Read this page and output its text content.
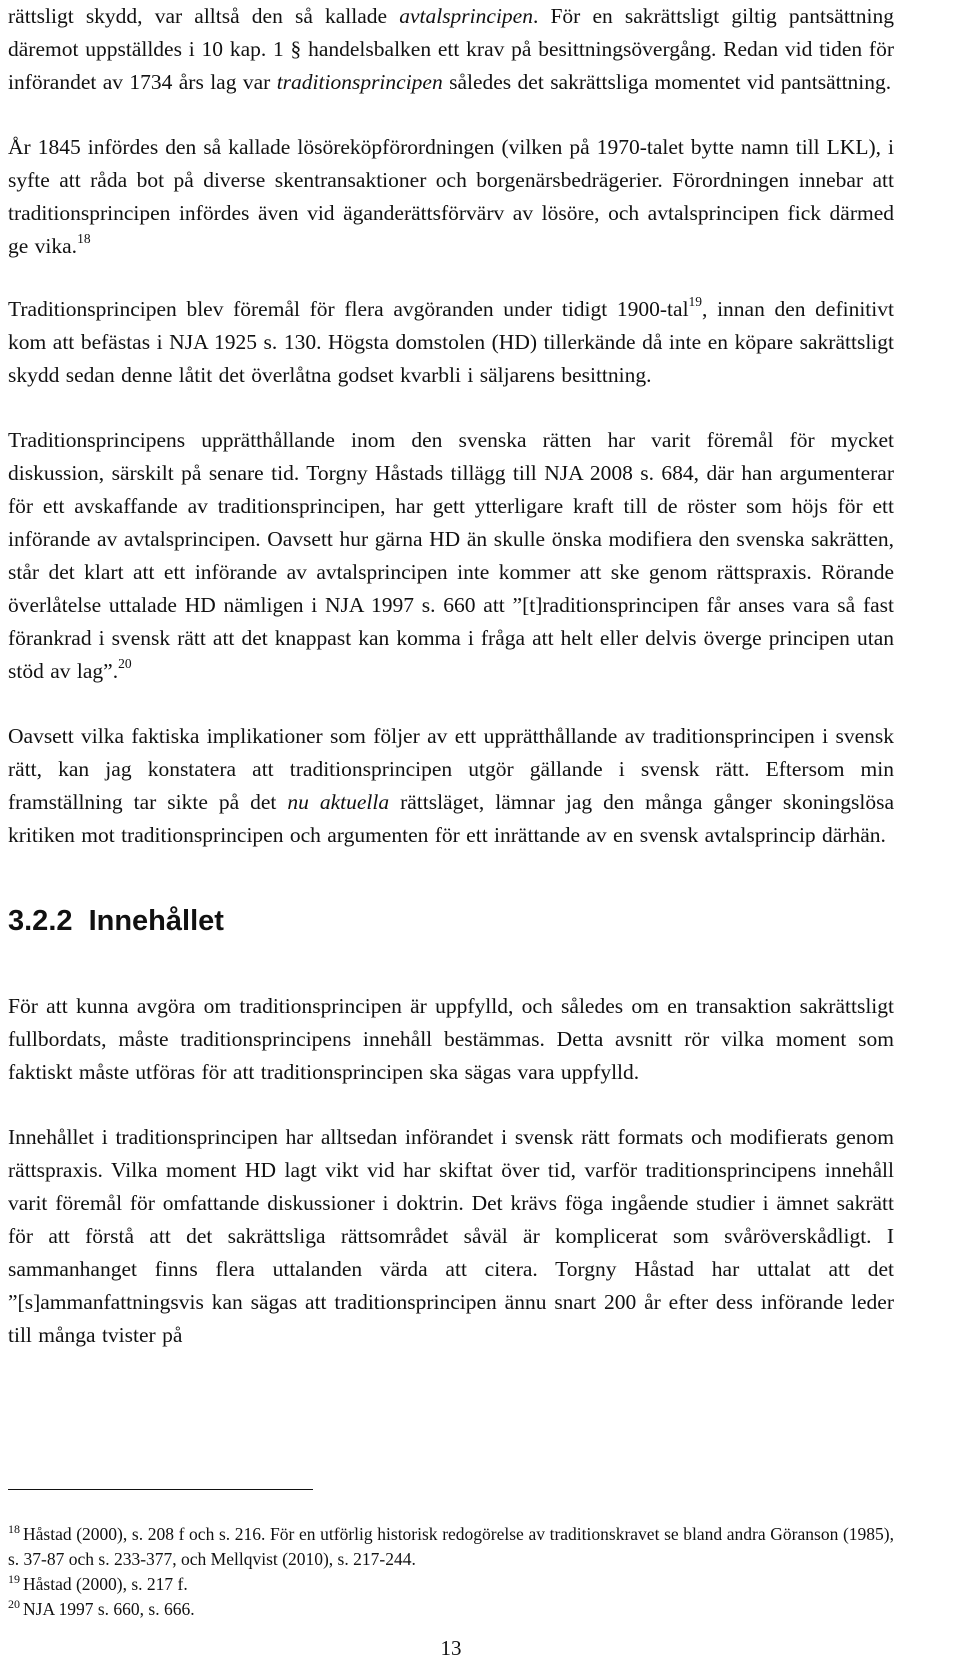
rättsligt skydd, var alltså den så kallade avtalsprincipen. För en sakrättsligt giltig pantsättning däremot uppställdes i 10 kap. 1 § handelsbalken ett krav på besittningsövergång. Redan vid tiden för införandet av 1734 års lag var traditionsprincipen således det sakrättsliga momentet vid pantsättning.

År 1845 infördes den så kallade lösöreköpförordningen (vilken på 1970-talet bytte namn till LKL), i syfte att råda bot på diverse skentransaktioner och borgenärsbedrägerier. Förordningen innebar att traditionsprincipen infördes även vid äganderättsförvärv av lösöre, och avtalsprincipen fick därmed ge vika.$^{18}$

Traditionsprincipen blev föremål för flera avgöranden under tidigt 1900-tal$^{19}$, innan den definitivt kom att befästas i NJA 1925 s. 130. Högsta domstolen (HD) tillerkände då inte en köpare sakrättsligt skydd sedan denne låtit det överlåtna godset kvarbli i säljarens besittning.

Traditionsprincipens upprätthållande inom den svenska rätten har varit föremål för mycket diskussion, särskilt på senare tid. Torgny Håstads tillägg till NJA 2008 s. 684, där han argumenterar för ett avskaffande av traditionsprincipen, har gett ytterligare kraft till de röster som höjs för ett införande av avtalsprincipen. Oavsett hur gärna HD än skulle önska modifiera den svenska sakrätten, står det klart att ett införande av avtalsprincipen inte kommer att ske genom rättspraxis. Rörande överlåtelse uttalade HD nämligen i NJA 1997 s. 660 att ”[t]raditionsprincipen får anses vara så fast förankrad i svensk rätt att det knappast kan komma i fråga att helt eller delvis överge principen utan stöd av lag”.$^{20}$

Oavsett vilka faktiska implikationer som följer av ett upprätthållande av traditionsprincipen i svensk rätt, kan jag konstatera att traditionsprincipen utgör gällande i svensk rätt. Eftersom min framställning tar sikte på det nu aktuella rättsläget, lämnar jag den många gånger skoningslösa kritiken mot traditionsprincipen och argumenten för ett inrättande av en svensk avtalsprincip därhän.

3.2.2 Innehållet

För att kunna avgöra om traditionsprincipen är uppfylld, och således om en transaktion sakrättsligt fullbordats, måste traditionsprincipens innehåll bestämmas. Detta avsnitt rör vilka moment som faktiskt måste utföras för att traditionsprincipen ska sägas vara uppfylld.

Innehållet i traditionsprincipen har alltsedan införandet i svensk rätt formats och modifierats genom rättspraxis. Vilka moment HD lagt vikt vid har skiftat över tid, varför traditionsprincipens innehåll varit föremål för omfattande diskussioner i doktrin. Det krävs föga ingående studier i ämnet sakrätt för att förstå att det sakrättsliga rättsområdet såväl är komplicerat som svåröverskådligt. I sammanhanget finns flera uttalanden värda att citera. Torgny Håstad har uttalat att det ”[s]ammanfattningsvis kan sägas att traditionsprincipen ännu snart 200 år efter dess införande leder till många tvister på

$^{18}$ Håstad (2000), s. 208 f och s. 216. För en utförlig historisk redogörelse av traditionskravet se bland andra Göranson (1985), s. 37-87 och s. 233-377, och Mellqvist (2010), s. 217-244.

$^{19}$ Håstad (2000), s. 217 f.

$^{20}$ NJA 1997 s. 660, s. 666.

13
